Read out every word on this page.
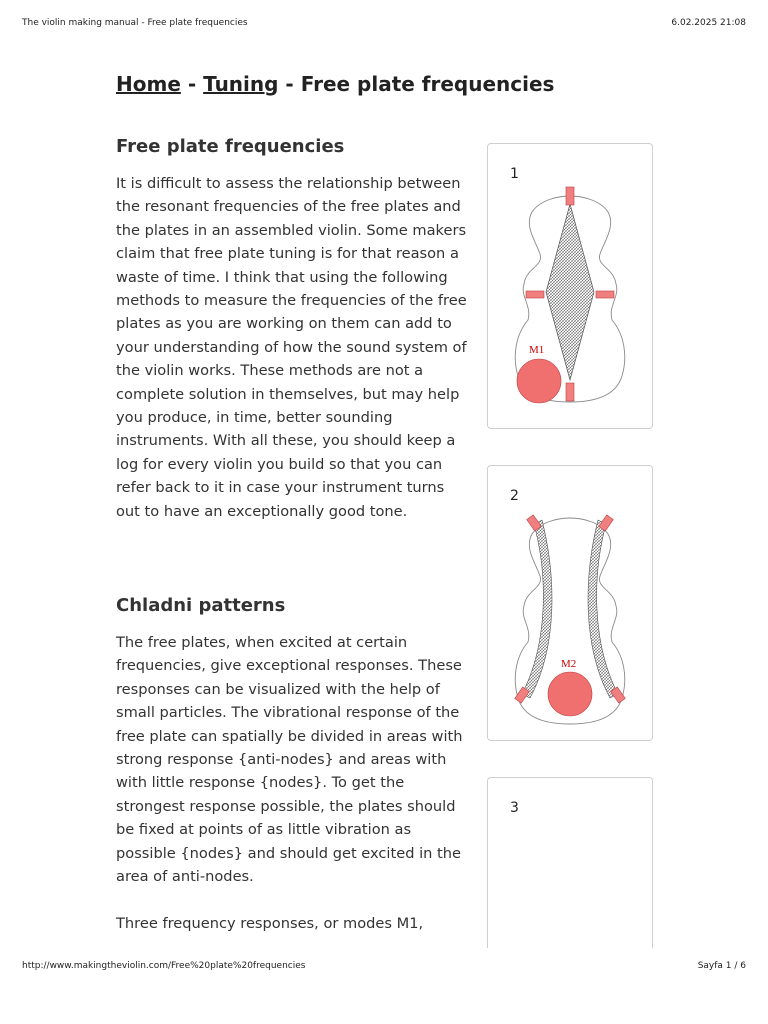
The violin making manual - Free plate frequencies	6.02.2025 21:08
Home - Tuning - Free plate frequencies
Free plate frequencies

It is difficult to assess the relationship between the resonant frequencies of the free plates and the plates in an assembled violin. Some makers claim that free plate tuning is for that reason a waste of time. I think that using the following methods to measure the frequencies of the free plates as you are working on them can add to your understanding of how the sound system of the violin works. These methods are not a complete solution in themselves, but may help you produce, in time, better sounding instruments. With all these, you should keep a log for every violin you build so that you can refer back to it in case your instrument turns out to have an exceptionally good tone.

Chladni patterns

The free plates, when excited at certain frequencies, give exceptional responses. These responses can be visualized with the help of small particles. The vibrational response of the free plate can spatially be divided in areas with strong response {anti-nodes} and areas with with little response {nodes}. To get the strongest response possible, the plates should be fixed at points of as little vibration as possible {nodes} and should get excited in the area of anti-nodes.

Three frequency responses, or modes M1,

M1
1
M2
2
3
http://www.makingtheviolin.com/Free%20plate%20frequencies	Sayfa 1 / 6
